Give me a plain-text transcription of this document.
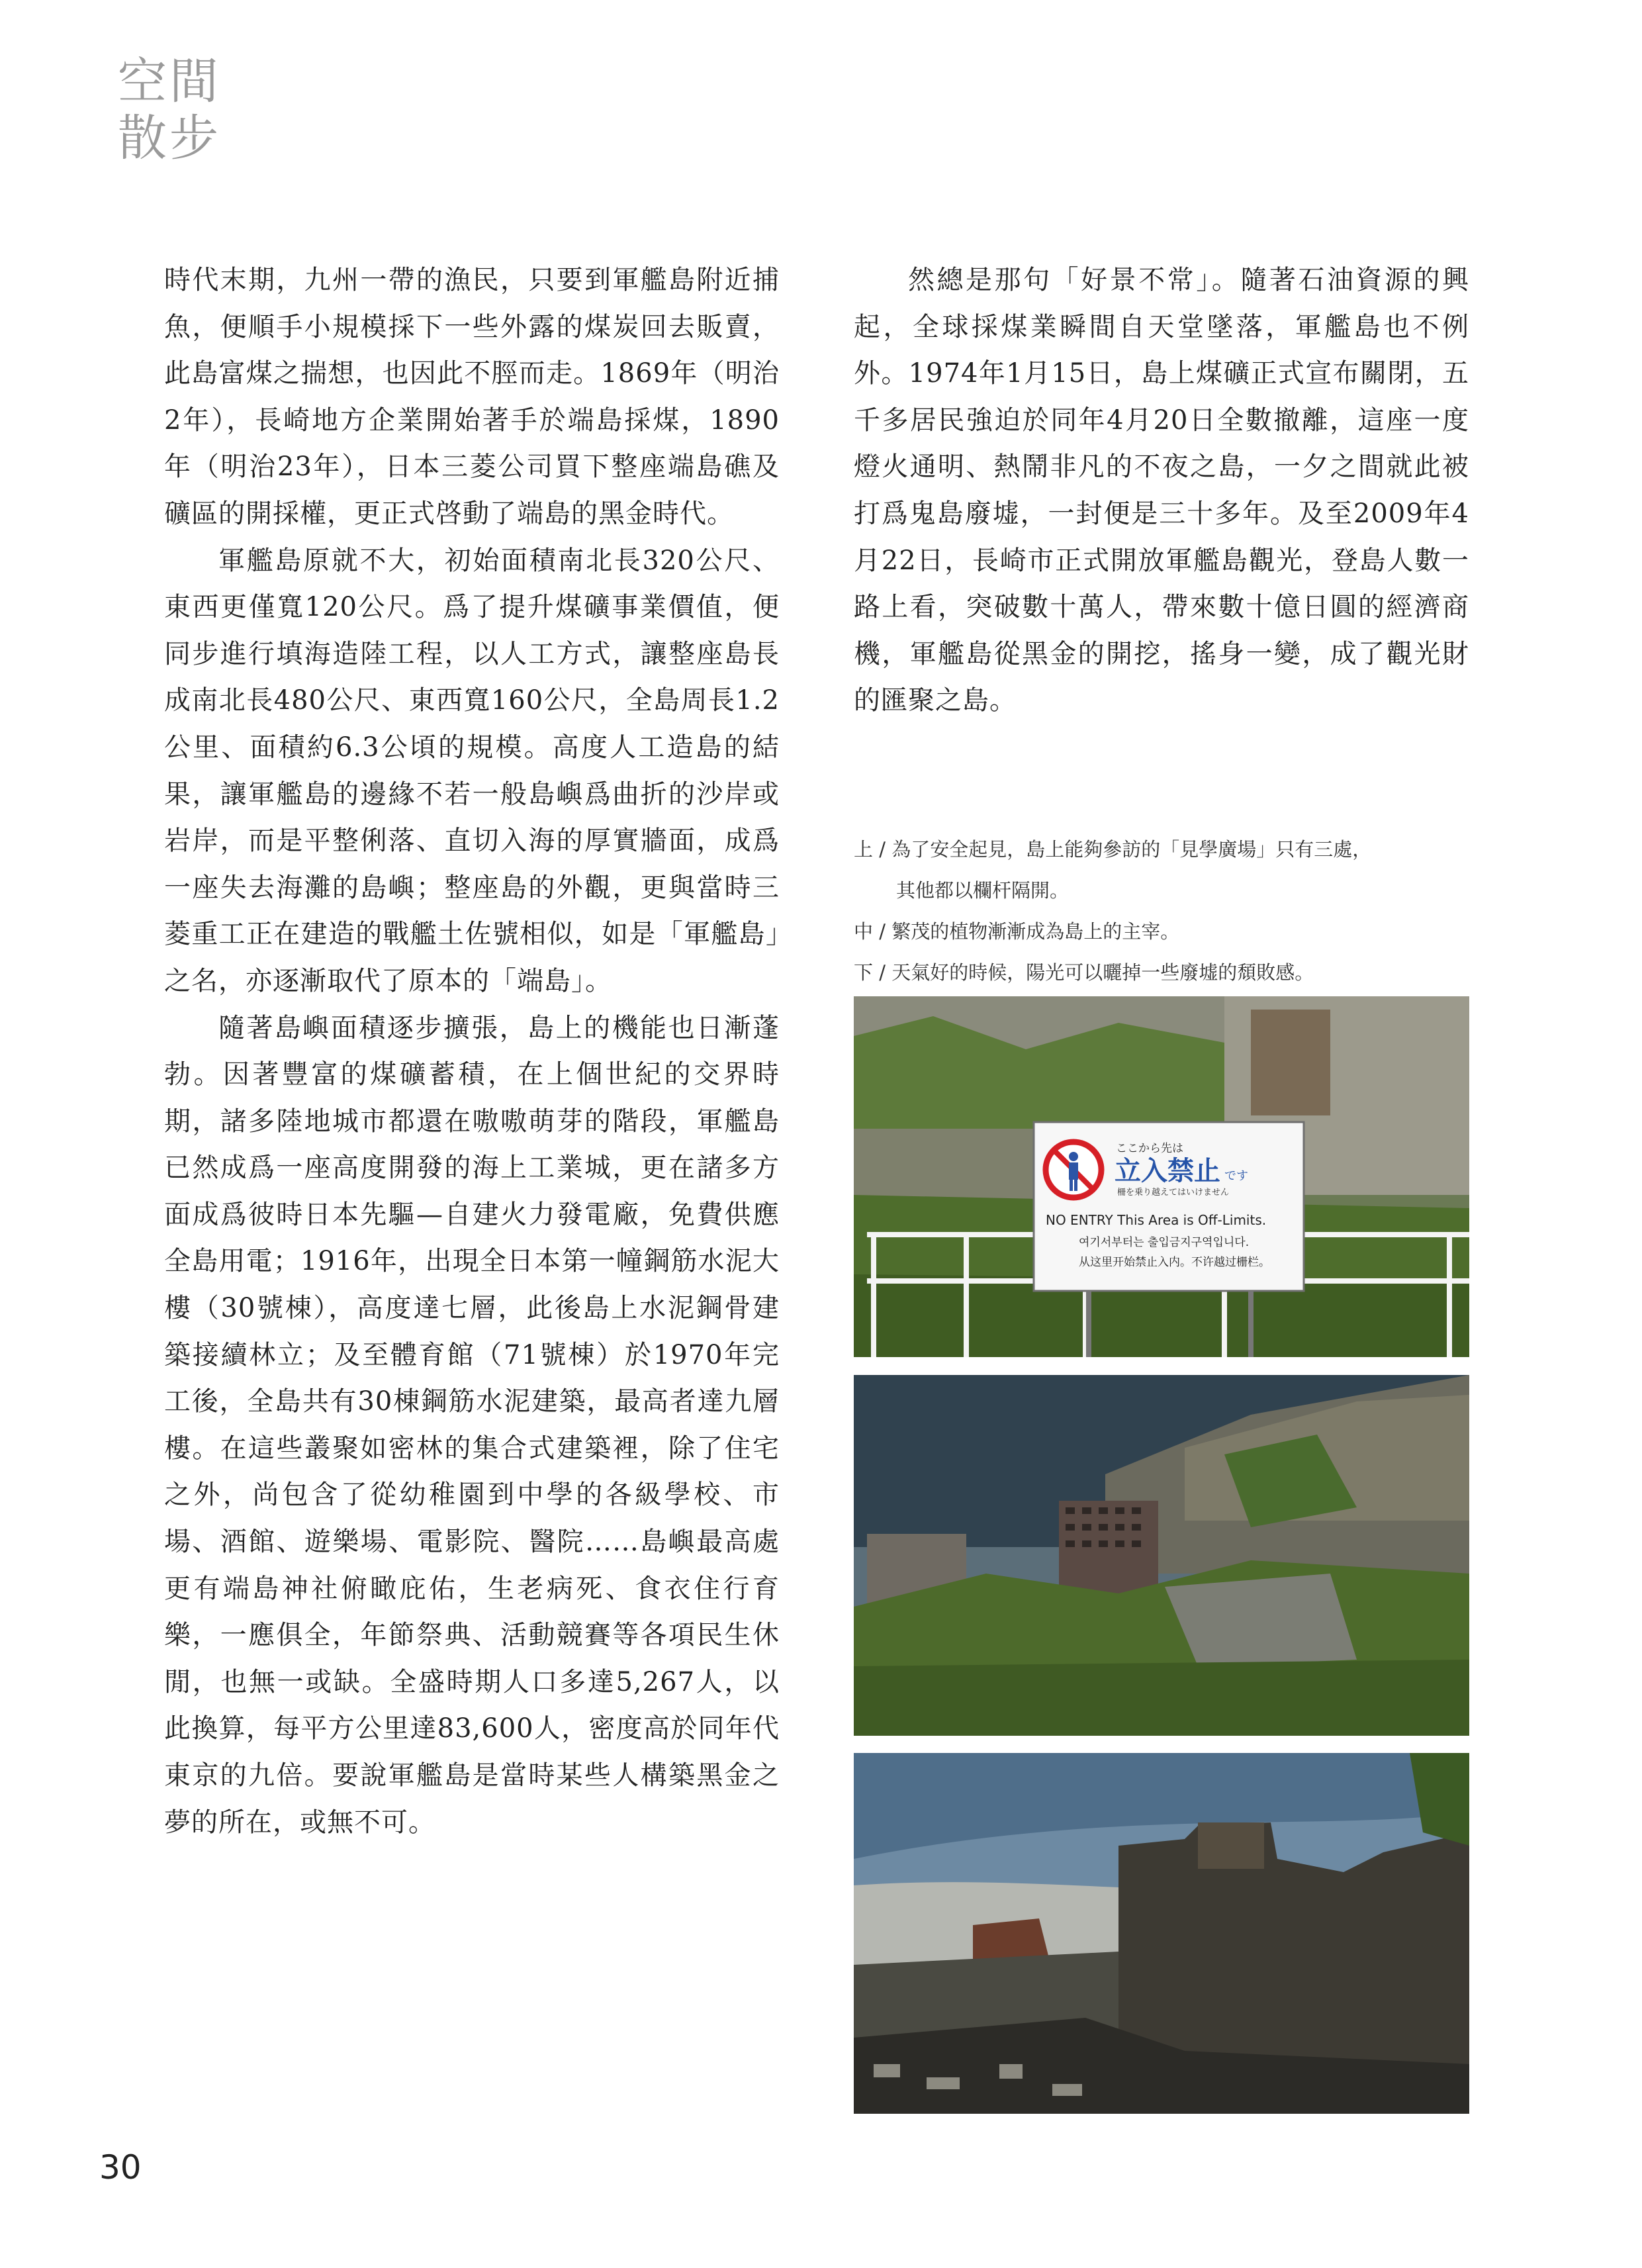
空間
散步

時代末期，九州一帶的漁民，只要到軍艦島附近捕魚，便順手小規模採下一些外露的煤炭回去販賣，此島富煤之揣想，也因此不脛而走。1869年（明治2年），長崎地方企業開始著手於端島採煤，1890年（明治23年），日本三菱公司買下整座端島礁及礦區的開採權，更正式啓動了端島的黑金時代。

軍艦島原就不大，初始面積南北長320公尺、東西更僅寬120公尺。爲了提升煤礦事業價值，便同步進行填海造陸工程，以人工方式，讓整座島長成南北長480公尺、東西寬160公尺，全島周長1.2公里、面積約6.3公頃的規模。高度人工造島的結果，讓軍艦島的邊緣不若一般島嶼爲曲折的沙岸或岩岸，而是平整俐落、直切入海的厚實牆面，成爲一座失去海灘的島嶼；整座島的外觀，更與當時三菱重工正在建造的戰艦土佐號相似，如是「軍艦島」之名，亦逐漸取代了原本的「端島」。

隨著島嶼面積逐步擴張，島上的機能也日漸蓬勃。因著豐富的煤礦蓄積，在上個世紀的交界時期，諸多陸地城市都還在嗷嗷萌芽的階段，軍艦島已然成爲一座高度開發的海上工業城，更在諸多方面成爲彼時日本先驅—自建火力發電廠，免費供應全島用電；1916年，出現全日本第一幢鋼筋水泥大樓（30號棟），高度達七層，此後島上水泥鋼骨建築接續林立；及至體育館（71號棟）於1970年完工後，全島共有30棟鋼筋水泥建築，最高者達九層樓。在這些叢聚如密林的集合式建築裡，除了住宅之外，尚包含了從幼稚園到中學的各級學校、市場、酒館、遊樂場、電影院、醫院……島嶼最高處更有端島神社俯瞰庇佑，生老病死、食衣住行育樂，一應俱全，年節祭典、活動競賽等各項民生休閒，也無一或缺。全盛時期人口多達5,267人，以此換算，每平方公里達83,600人，密度高於同年代東京的九倍。要說軍艦島是當時某些人構築黑金之夢的所在，或無不可。

然總是那句「好景不常」。隨著石油資源的興起，全球採煤業瞬間自天堂墜落，軍艦島也不例外。1974年1月15日，島上煤礦正式宣布關閉，五千多居民強迫於同年4月20日全數撤離，這座一度燈火通明、熱鬧非凡的不夜之島，一夕之間就此被打爲鬼島廢墟，一封便是三十多年。及至2009年4月22日，長崎市正式開放軍艦島觀光，登島人數一路上看，突破數十萬人，帶來數十億日圓的經濟商機，軍艦島從黑金的開挖，搖身一變，成了觀光財的匯聚之島。

上 / 為了安全起見，島上能夠參訪的「見學廣場」只有三處，
其他都以欄杆隔開。
中 / 繁茂的植物漸漸成為島上的主宰。
下 / 天氣好的時候，陽光可以曬掉一些廢墟的頹敗感。
ここから先は
立入禁止 です
柵を乗り越えてはいけません
NO ENTRY This Area is Off-Limits.
여기서부터는 출입금지구역입니다.
从这里开始禁止入内。不许越过栅栏。
30
